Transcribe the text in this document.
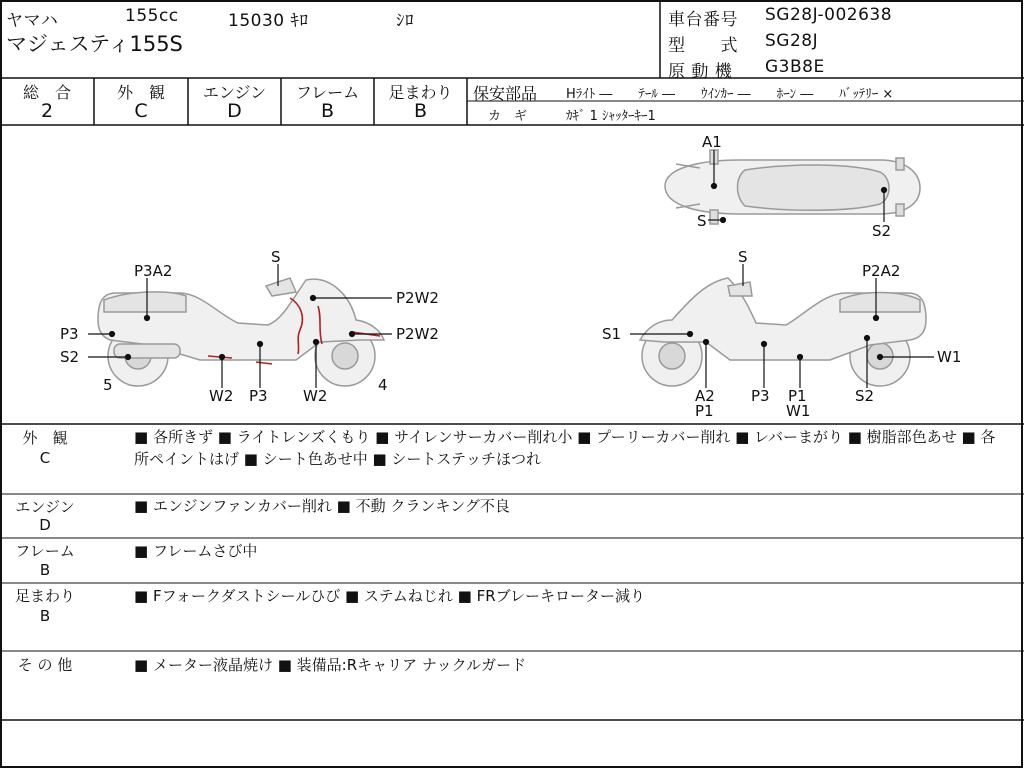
ヤマハ	155cc	15030 ｷﾛ	ｼﾛ
マジェスティ155S
車台番号 SG28J-002638
型　　式 SG28J
原 動 機 G3B8E
総　合
2
外　観
C
エンジン
D
フレーム
B
足まわり
B
保安部品 Hﾗｲﾄ ―　　ﾃｰﾙ ―　　ｳｲﾝｶｰ ―　　ﾎｰﾝ ―　　ﾊﾞｯﾃﾘｰ ×
カ　ギ	ｶｷﾞ 1 ｼｬｯﾀｰｷｰ1
A1
S
S2
S
P3A2
P2W2
P2W2
P3
S2
5	4
W2 P3 W2
S
P2A2
S1
W1
A2
P1
P3 P1
W1
S2
外　観
C
■ 各所きず ■ ライトレンズくもり ■ サイレンサーカバー削れ小 ■ プーリーカバー削れ ■ レバーまがり ■ 樹脂部色あせ ■ 各所ペイントはげ ■ シート色あせ中 ■ シートステッチほつれ
エンジン
D
■ エンジンファンカバー削れ ■ 不動 クランキング不良
フレーム
B
■ フレームさび中
足まわり
B
■ Fフォークダストシールひび ■ ステムねじれ ■ FRブレーキローター減り
そ の 他	■ メーター液晶焼け ■ 装備品:Rキャリア ナックルガード
